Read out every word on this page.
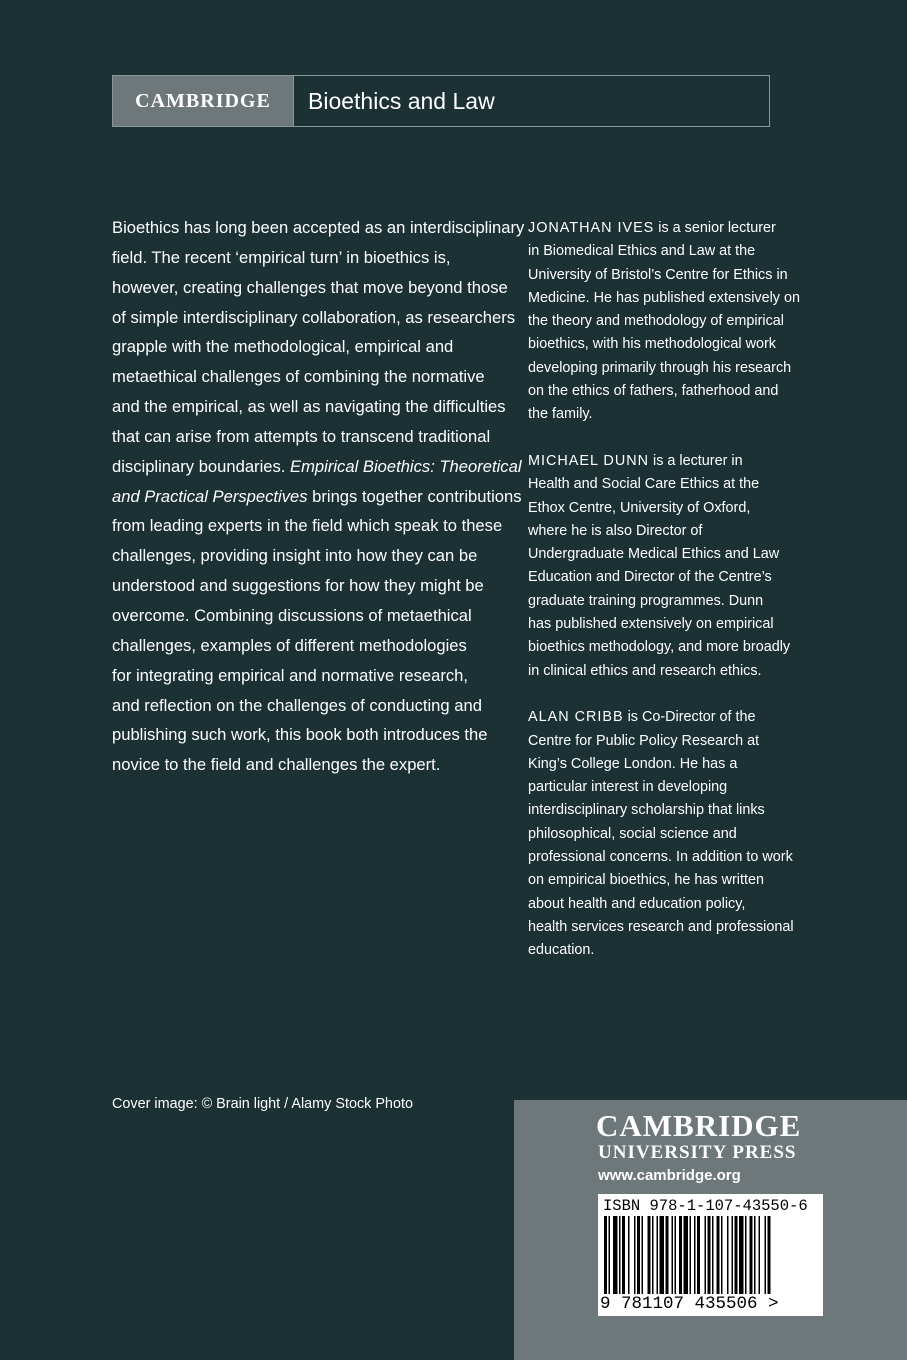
CAMBRIDGE	Bioethics and Law
Bioethics has long been accepted as an interdisciplinary
field. The recent ‘empirical turn’ in bioethics is,
however, creating challenges that move beyond those
of simple interdisciplinary collaboration, as researchers
grapple with the methodological, empirical and
metaethical challenges of combining the normative
and the empirical, as well as navigating the difficulties
that can arise from attempts to transcend traditional
disciplinary boundaries. Empirical Bioethics: Theoretical
and Practical Perspectives brings together contributions
from leading experts in the field which speak to these
challenges, providing insight into how they can be
understood and suggestions for how they might be
overcome. Combining discussions of metaethical
challenges, examples of different methodologies
for integrating empirical and normative research,
and reflection on the challenges of conducting and
publishing such work, this book both introduces the
novice to the field and challenges the expert.
JONATHAN IVES is a senior lecturer
in Biomedical Ethics and Law at the
University of Bristol’s Centre for Ethics in
Medicine. He has published extensively on
the theory and methodology of empirical
bioethics, with his methodological work
developing primarily through his research
on the ethics of fathers, fatherhood and
the family.
MICHAEL DUNN is a lecturer in
Health and Social Care Ethics at the
Ethox Centre, University of Oxford,
where he is also Director of
Undergraduate Medical Ethics and Law
Education and Director of the Centre’s
graduate training programmes. Dunn
has published extensively on empirical
bioethics methodology, and more broadly
in clinical ethics and research ethics.
ALAN CRIBB is Co-Director of the
Centre for Public Policy Research at
King’s College London. He has a
particular interest in developing
interdisciplinary scholarship that links
philosophical, social science and
professional concerns. In addition to work
on empirical bioethics, he has written
about health and education policy,
health services research and professional
education.
Cover image: © Brain light / Alamy Stock Photo
CAMBRIDGE
UNIVERSITY PRESS
www.cambridge.org
ISBN 978-1-107-43550-6
9 781107 435506 >
